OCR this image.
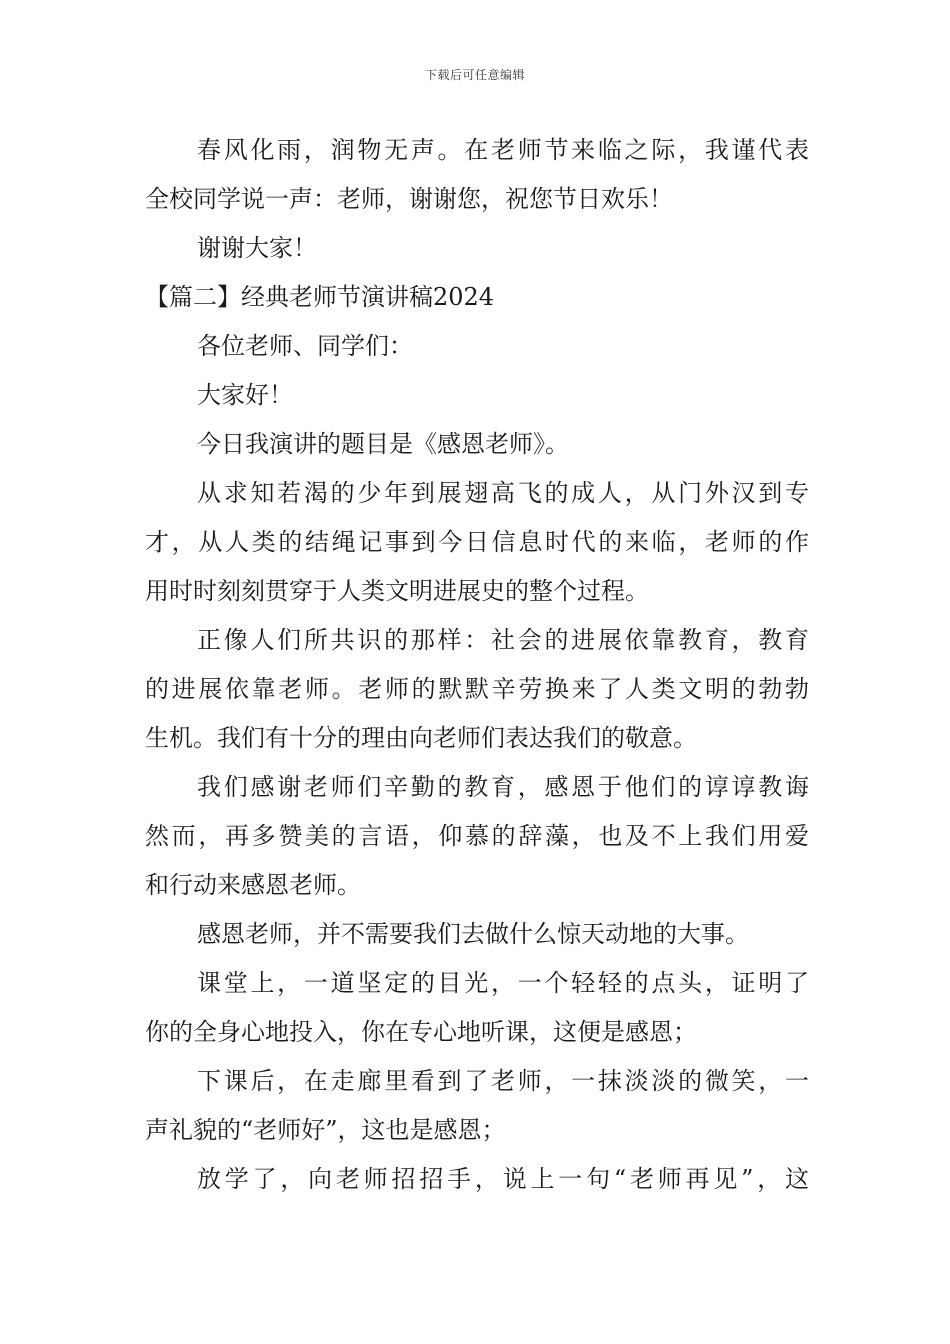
下载后可任意编辑
春风化雨，润物无声。在老师节来临之际，我谨代表
全校同学说一声：老师，谢谢您，祝您节日欢乐！
谢谢大家！
【篇二】经典老师节演讲稿2024
各位老师、同学们：
大家好！
今日我演讲的题目是《感恩老师》。
从求知若渴的少年到展翅高飞的成人，从门外汉到专
才，从人类的结绳记事到今日信息时代的来临，老师的作
用时时刻刻贯穿于人类文明进展史的整个过程。
正像人们所共识的那样：社会的进展依靠教育，教育
的进展依靠老师。老师的默默辛劳换来了人类文明的勃勃
生机。我们有十分的理由向老师们表达我们的敬意。
我们感谢老师们辛勤的教育，感恩于他们的谆谆教诲
然而，再多赞美的言语，仰慕的辞藻，也及不上我们用爱
和行动来感恩老师。
感恩老师，并不需要我们去做什么惊天动地的大事。
课堂上，一道坚定的目光，一个轻轻的点头，证明了
你的全身心地投入，你在专心地听课，这便是感恩；
下课后，在走廊里看到了老师，一抹淡淡的微笑，一
声礼貌的“老师好”，这也是感恩；
放学了，向老师招招手，说上一句“老师再见”，这
